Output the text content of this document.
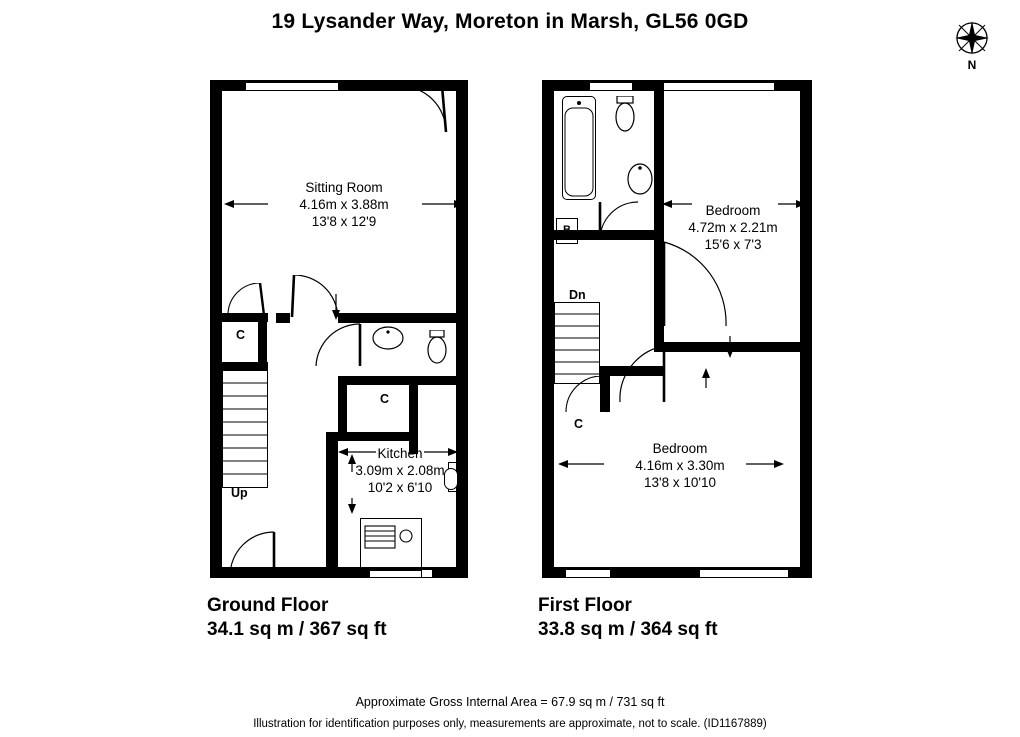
19 Lysander Way, Moreton in Marsh, GL56 0GD
N
C
Up
C
Sitting Room
4.16m x 3.88m
13'8 x 12'9
Kitchen
3.09m x 2.08m
10'2 x 6'10
Ground Floor
34.1 sq m / 367 sq ft
B
Dn
C
Bedroom
4.72m x 2.21m
15'6 x 7'3
Bedroom
4.16m x 3.30m
13'8 x 10'10
First Floor
33.8 sq m / 364 sq ft
Approximate Gross Internal Area = 67.9 sq m / 731 sq ft
Illustration for identification purposes only, measurements are approximate, not to scale. (ID1167889)
